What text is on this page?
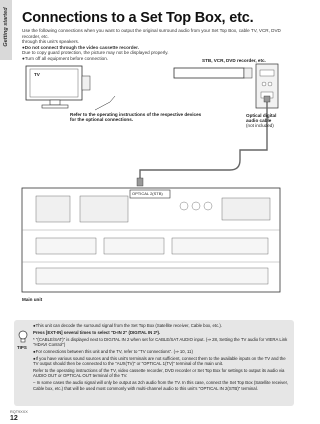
Getting started Connections to a Set Top Box, etc.

Use the following connections when you want to output the original surround audio from your Set Top Box, cable TV, VCR, DVD recorder, etc.

through this unit's speakers.

●Do not connect through the video cassette recorder.

Due to copy guard protection, the picture may not be displayed properly.

●Turn off all equipment before connection.

TV
STB, VCR, DVD recorder, etc.
Refer to the operating instructions of the respective devices
for the optional connections.
Optical digital
audio cable
(not included)
OPTICAL 2(STB)
Main unit
TIPS

●This unit can decode the surround signal from the Set Top Box (Satellite receiver, Cable box, etc.).

Press [EXT-IN] several times to select "D-IN 2" (DIGITAL IN 2*).

* "(CABLE/SAT)" is displayed next to DIGITAL IN 2 when set for CABLE/SAT AUDIO input. (⇒ 28, Setting the TV audio for VIERA Link "HDAVI Control")

●For connections between this unit and the TV, refer to "TV connections". (⇒ 10, 11)

●If you have various sound sources and this unit's terminals are not sufficient, connect them to the available inputs on the TV and the TV output should then be connected to the "AUX(TV)" or "OPTICAL 1(TV)" terminal of the main unit.

Refer to the operating instructions of the TV, video cassette recorder, DVD recorder or Set Top Box for settings to output its audio via AUDIO OUT or OPTICAL OUT terminal of the TV.

– In some cases the audio signal will only be output as 2ch audio from the TV. In this case, connect the Set Top Box (Satellite receiver, Cable box, etc.) that will be used most commonly with multi-channel audio to this unit's "OPTICAL IN 2(STB)" terminal.

RQT9XXX
12
